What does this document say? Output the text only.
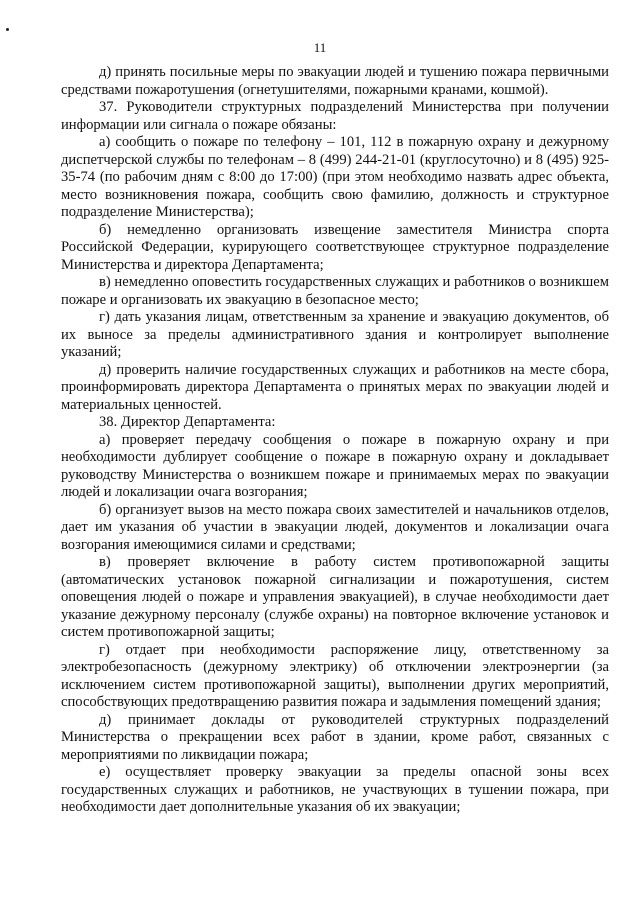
11

д) принять посильные меры по эвакуации людей и тушению пожара первичными средствами пожаротушения (огнетушителями, пожарными кранами, кошмой).

37. Руководители структурных подразделений Министерства при получении информации или сигнала о пожаре обязаны:

а) сообщить о пожаре по телефону – 101, 112 в пожарную охрану и дежурному диспетчерской службы по телефонам – 8 (499) 244-21-01 (круглосуточно) и 8 (495) 925-35-74 (по рабочим дням с 8:00 до 17:00) (при этом необходимо назвать адрес объекта, место возникновения пожара, сообщить свою фамилию, должность и структурное подразделение Министерства);

б) немедленно организовать извещение заместителя Министра спорта Российской Федерации, курирующего соответствующее структурное подразделение Министерства и директора Департамента;

в) немедленно оповестить государственных служащих и работников о возникшем пожаре и организовать их эвакуацию в безопасное место;

г) дать указания лицам, ответственным за хранение и эвакуацию документов, об их выносе за пределы административного здания и контролирует выполнение указаний;

д) проверить наличие государственных служащих и работников на месте сбора, проинформировать директора Департамента о принятых мерах по эвакуации людей и материальных ценностей.

38. Директор Департамента:

а) проверяет передачу сообщения о пожаре в пожарную охрану и при необходимости дублирует сообщение о пожаре в пожарную охрану и докладывает руководству Министерства о возникшем пожаре и принимаемых мерах по эвакуации людей и локализации очага возгорания;

б) организует вызов на место пожара своих заместителей и начальников отделов, дает им указания об участии в эвакуации людей, документов и локализации очага возгорания имеющимися силами и средствами;

в) проверяет включение в работу систем противопожарной защиты (автоматических установок пожарной сигнализации и пожаротушения, систем оповещения людей о пожаре и управления эвакуацией), в случае необходимости дает указание дежурному персоналу (службе охраны) на повторное включение установок и систем противопожарной защиты;

г) отдает при необходимости распоряжение лицу, ответственному за электробезопасность (дежурному электрику) об отключении электроэнергии (за исключением систем противопожарной защиты), выполнении других мероприятий, способствующих предотвращению развития пожара и задымления помещений здания;

д) принимает доклады от руководителей структурных подразделений Министерства о прекращении всех работ в здании, кроме работ, связанных с мероприятиями по ликвидации пожара;

е) осуществляет проверку эвакуации за пределы опасной зоны всех государственных служащих и работников, не участвующих в тушении пожара, при необходимости дает дополнительные указания об их эвакуации;
